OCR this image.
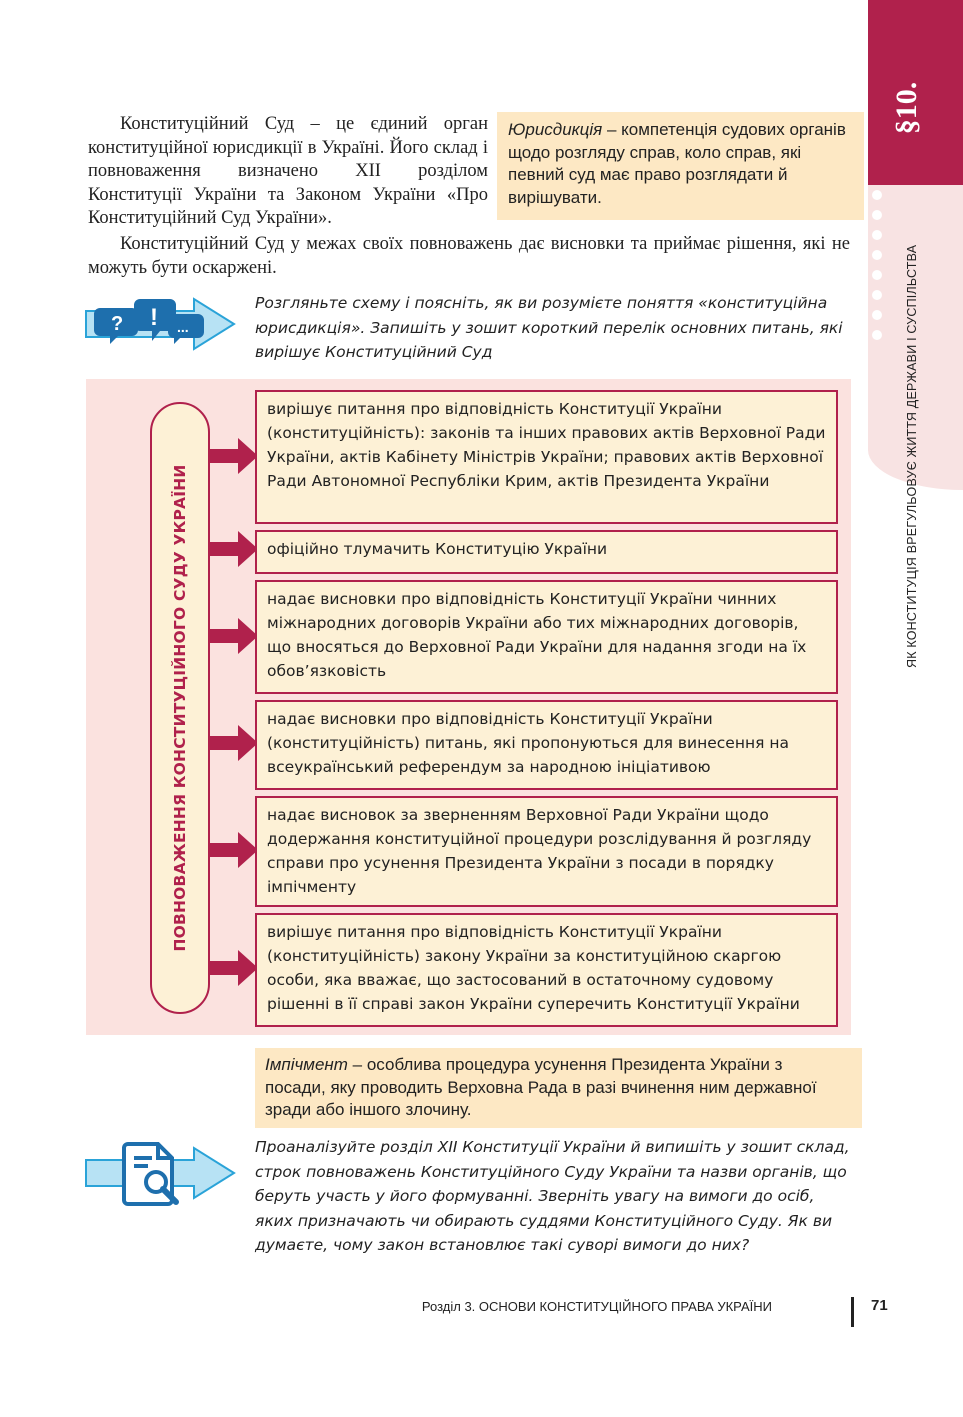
§10.
ЯК КОНСТИТУЦІЯ ВРЕГУЛЬОВУЄ ЖИТТЯ ДЕРЖАВИ І СУСПІЛЬСТВА
Конституційний Суд – це єдиний орган конституційної юрисдикції в Україні. Його склад і повноваження визначено XII розділом Конституції України та Законом України «Про Конституційний Суд України».
Конституційний Суд у межах своїх повноважень дає висновки та приймає рішення, які не можуть бути оскаржені.
Юрисдикція – компетенція судових органів щодо розгляду справ, коло справ, які певний суд має право розглядати й вирішувати.
? ! ...
Розгляньте схему і поясніть, як ви розумієте поняття «конституційна юрисдикція». Запишіть у зошит короткий перелік основних питань, які вирішує Конституційний Суд
ПОВНОВАЖЕННЯ КОНСТИТУЦІЙНОГО СУДУ УКРАЇНИ
вирішує питання про відповідність Конституції України (конституційність): законів та інших правових актів Верховної Ради України, актів Кабінету Міністрів України; правових актів Верховної Ради Автономної Республіки Крим, актів Президента України
офіційно тлумачить Конституцію України
надає висновки про відповідність Конституції України чинних міжнародних договорів України або тих міжнародних договорів, що вносяться до Верховної Ради України для надання згоди на їх обов’язковість
надає висновки про відповідність Конституції України (конституційність) питань, які пропонуються для винесення на всеукраїнський референдум за народною ініціативою
надає висновок за зверненням Верховної Ради України щодо додержання конституційної процедури розслідування й розгляду справи про усунення Президента України з посади в порядку імпічменту
вирішує питання про відповідність Конституції України (конституційність) закону України за конституційною скаргою особи, яка вважає, що застосований в остаточному судовому рішенні в її справі закон України суперечить Конституції України
Імпічмент – особлива процедура усунення Президента України з посади, яку проводить Верховна Рада в разі вчинення ним державної зради або іншого злочину.
Проаналізуйте розділ XII Конституції України й випишіть у зошит склад, строк повноважень Конституційного Суду України та назви органів, що беруть участь у його формуванні. Зверніть увагу на вимоги до осіб, яких призначають чи обирають суддями Конституційного Суду. Як ви думаєте, чому закон встановлює такі суворі вимоги до них?
Розділ 3. ОСНОВИ КОНСТИТУЦІЙНОГО ПРАВА УКРАЇНИ	71
